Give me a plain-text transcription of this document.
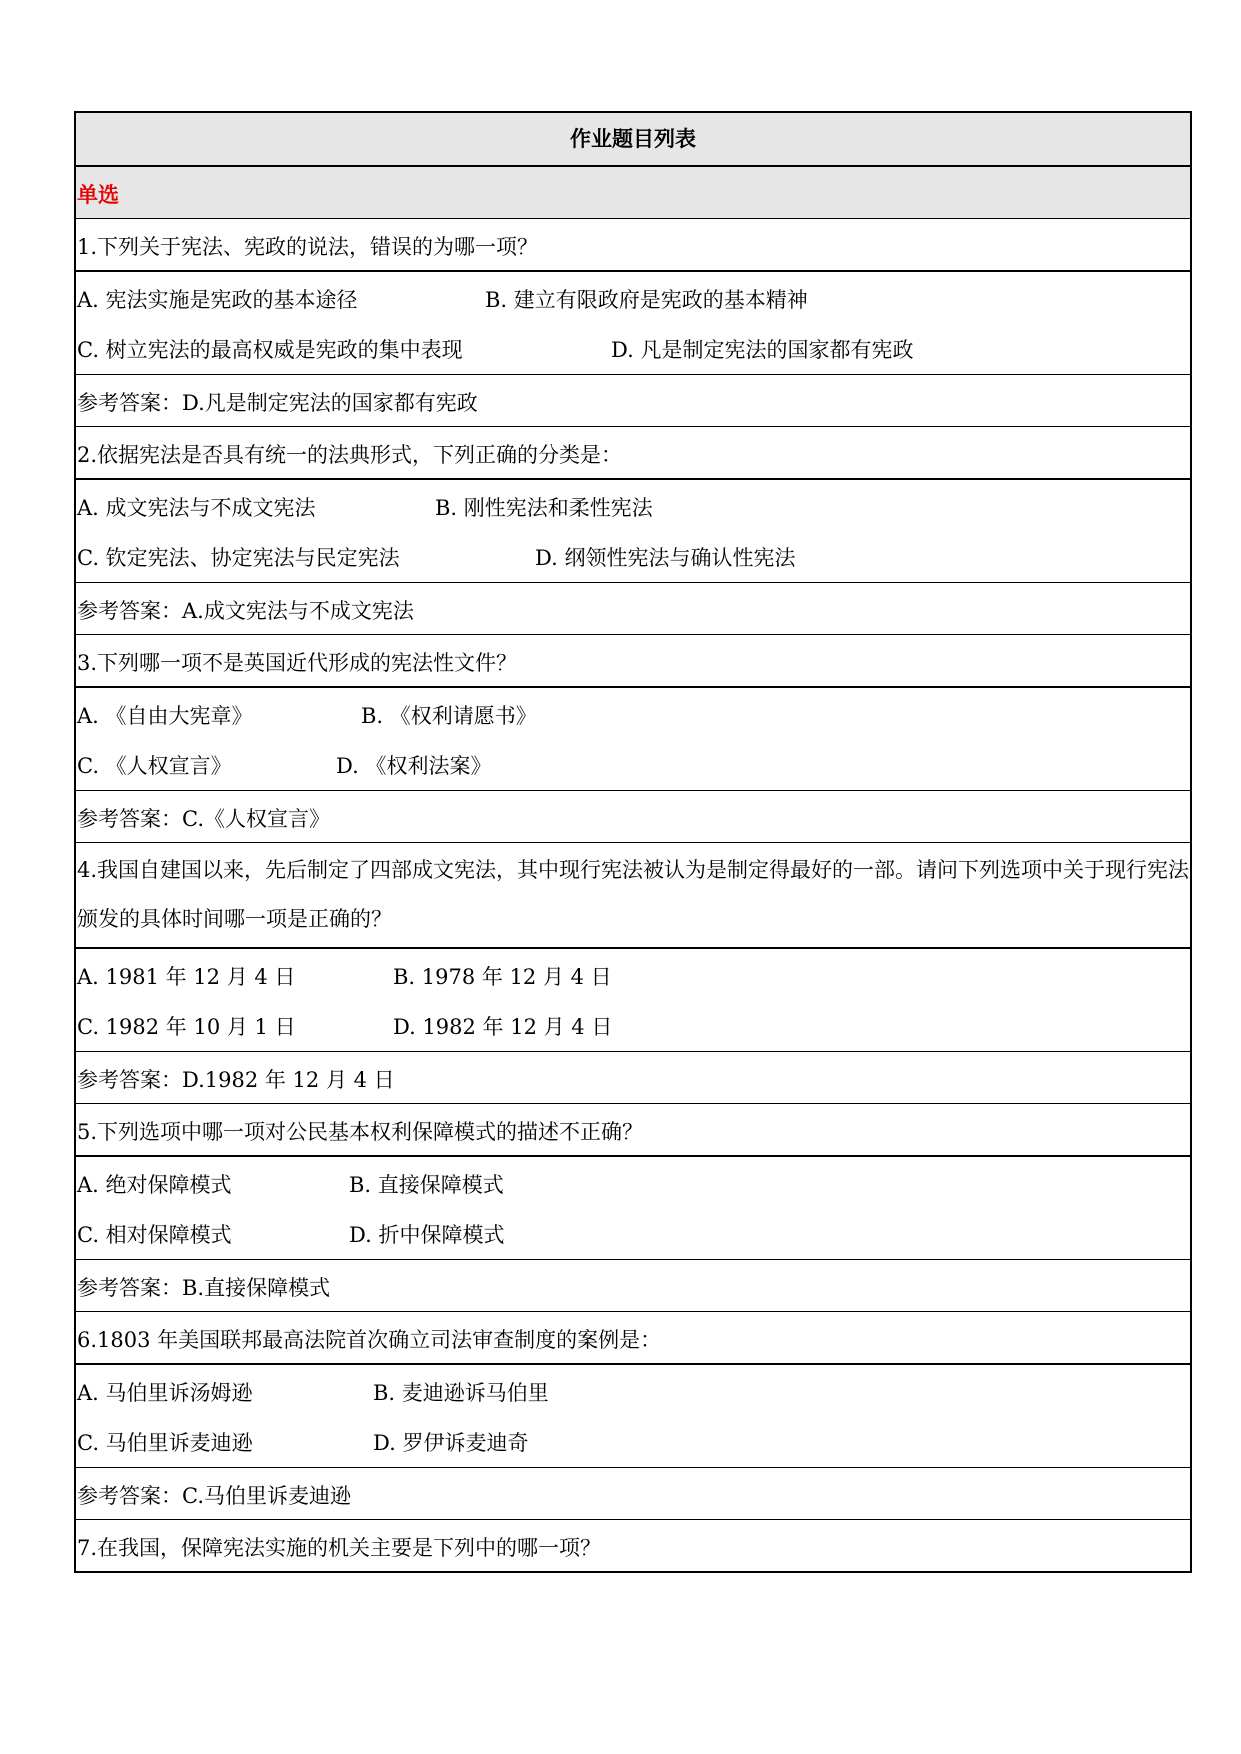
作业题目列表
单选
1.下列关于宪法、宪政的说法，错误的为哪一项？
A. 宪法实施是宪政的基本途径	B. 建立有限政府是宪政的基本精神
C. 树立宪法的最高权威是宪政的集中表现	D. 凡是制定宪法的国家都有宪政
参考答案：D.凡是制定宪法的国家都有宪政
2.依据宪法是否具有统一的法典形式，下列正确的分类是：
A. 成文宪法与不成文宪法	B. 刚性宪法和柔性宪法
C. 钦定宪法、协定宪法与民定宪法	D. 纲领性宪法与确认性宪法
参考答案：A.成文宪法与不成文宪法
3.下列哪一项不是英国近代形成的宪法性文件？
A. 《自由大宪章》	B. 《权利请愿书》
C. 《人权宣言》	D. 《权利法案》
参考答案：C.《人权宣言》
4.我国自建国以来，先后制定了四部成文宪法，其中现行宪法被认为是制定得最好的一部。请问下列选项中关于现行宪法颁发的具体时间哪一项是正确的？
A. 1981 年 12 月 4 日	B. 1978 年 12 月 4 日
C. 1982 年 10 月 1 日	D. 1982 年 12 月 4 日
参考答案：D.1982 年 12 月 4 日
5.下列选项中哪一项对公民基本权利保障模式的描述不正确？
A. 绝对保障模式	B. 直接保障模式
C. 相对保障模式	D. 折中保障模式
参考答案：B.直接保障模式
6.1803 年美国联邦最高法院首次确立司法审查制度的案例是：
A. 马伯里诉汤姆逊	B. 麦迪逊诉马伯里
C. 马伯里诉麦迪逊	D. 罗伊诉麦迪奇
参考答案：C.马伯里诉麦迪逊
7.在我国，保障宪法实施的机关主要是下列中的哪一项？
